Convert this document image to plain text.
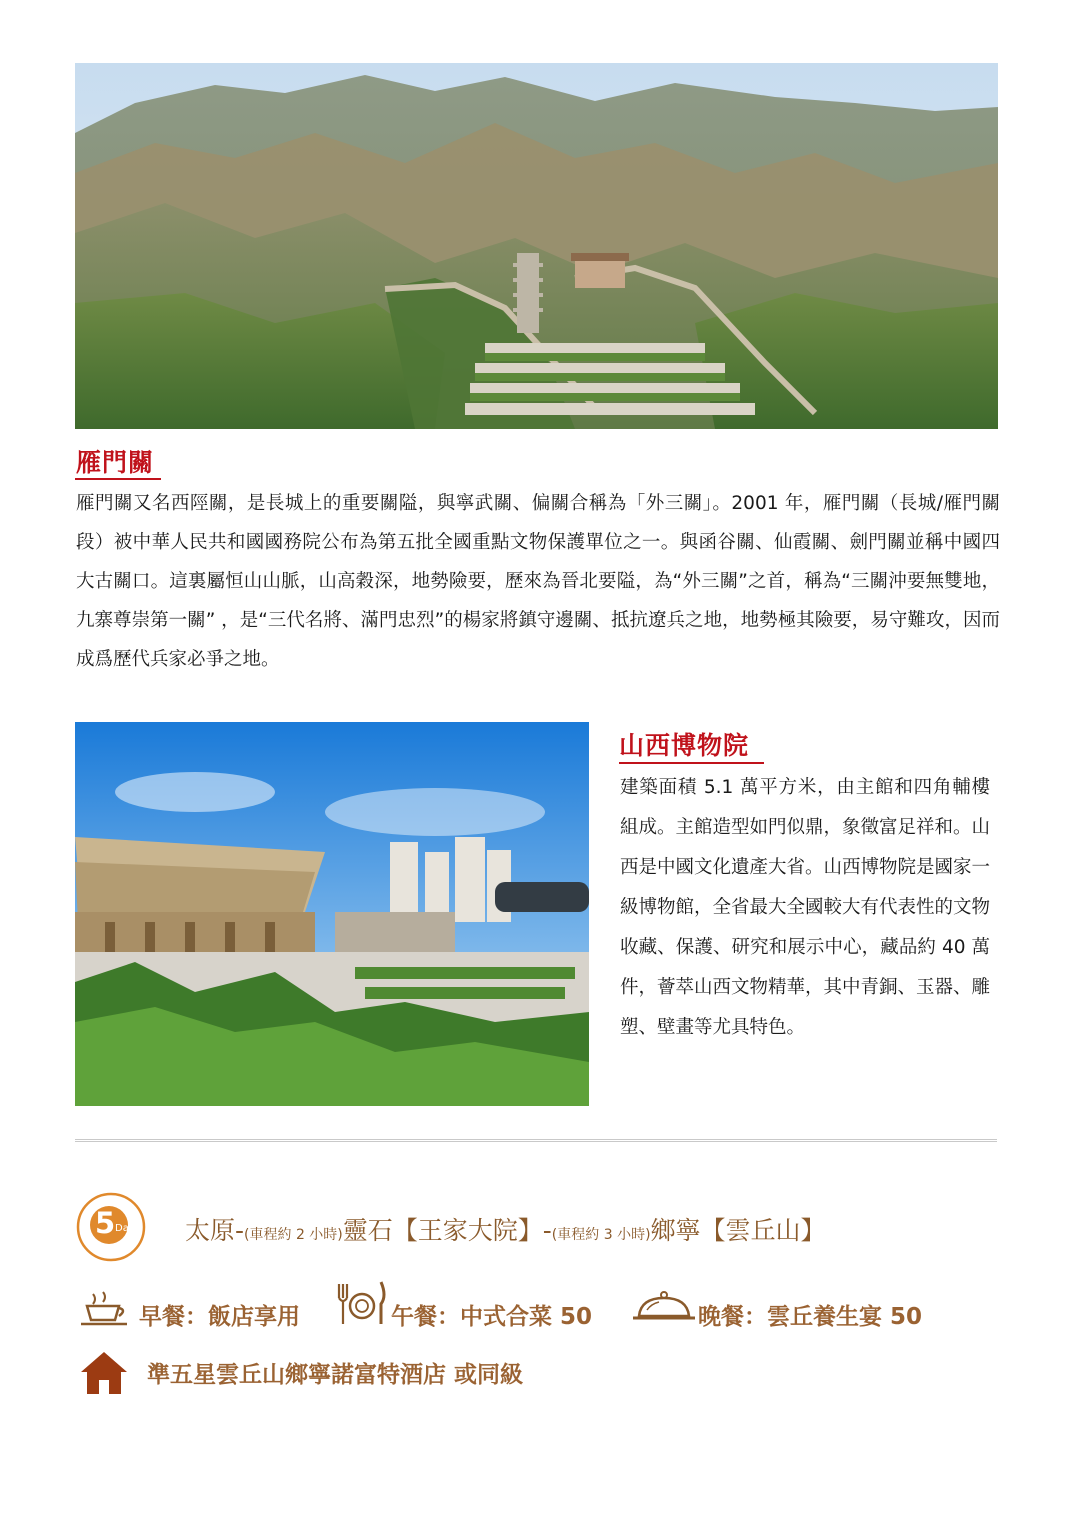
雁門關

雁門關又名西陘關，是長城上的重要關隘，與寧武關、偏關合稱為「外三關」。2001 年，雁門關（長城/雁門關段）被中華人民共和國國務院公布為第五批全國重點文物保護單位之一。與函谷關、仙霞關、劍門關並稱中國四大古關口。這裏屬恒山山脈，山高穀深，地勢險要，歷來為晉北要隘，為“外三關”之首，稱為“三關沖要無雙地，九寨尊崇第一關” ，是“三代名將、滿門忠烈”的楊家將鎮守邊關、抵抗遼兵之地，地勢極其險要，易守難攻，因而成爲歷代兵家必爭之地。

山西博物院

建築面積 5.1 萬平方米，由主館和四角輔樓組成。主館造型如門似鼎，象徵富足祥和。山西是中國文化遺產大省。山西博物院是國家一級博物館，全省最大全國較大有代表性的文物收藏、保護、研究和展示中心，藏品約 40 萬件，薈萃山西文物精華，其中青銅、玉器、雕塑、壁畫等尤具特色。

5 Day 太原-(車程約 2 小時)靈石【王家大院】-(車程約 3 小時)鄉寧【雲丘山】
早餐：飯店享用	午餐：中式合菜 50	晚餐：雲丘養生宴 50
準五星雲丘山鄉寧諾富特酒店 或同級
